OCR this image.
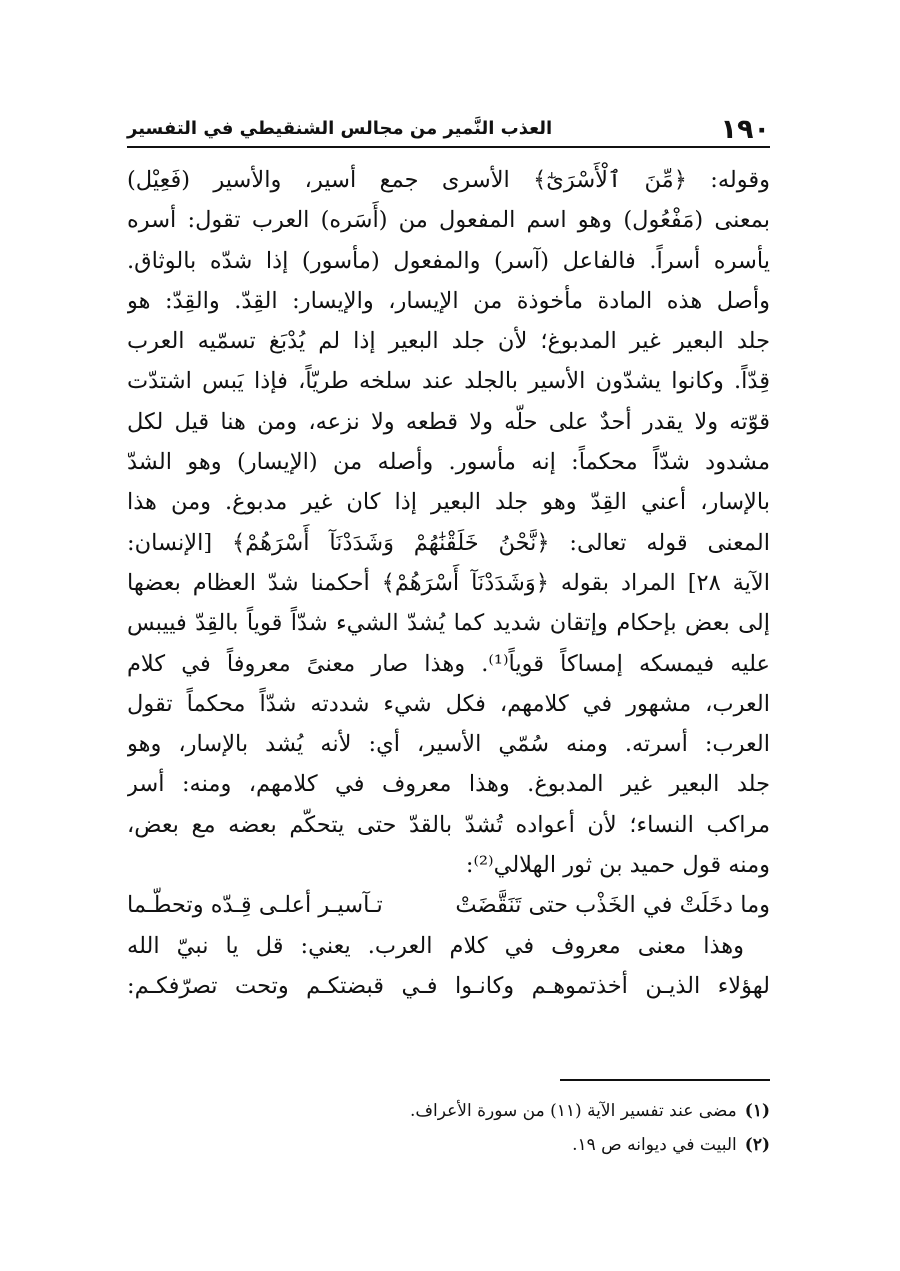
١٩٠
العذب النَّمير من مجالس الشنقيطي في التفسير
وقوله: ﴿مِّنَ ٱلْأَسْرَىٰٓ﴾ الأسرى جمع أسير، والأسير (فَعِيْل)
بمعنى (مَفْعُول) وهو اسم المفعول من (أَسَره) العرب تقول: أسره
يأسره أسراً. فالفاعل (آسر) والمفعول (مأسور) إذا شدّه بالوثاق.
وأصل هذه المادة مأخوذة من الإيسار، والإيسار: القِدّ. والقِدّ: هو
جلد البعير غير المدبوغ؛ لأن جلد البعير إذا لم يُدْبَغ تسمّيه العرب
قِدّاً. وكانوا يشدّون الأسير بالجلد عند سلخه طريّاً، فإذا يَبس اشتدّت
قوّته ولا يقدر أحدٌ على حلّه ولا قطعه ولا نزعه، ومن هنا قيل لكل
مشدود شدّاً محكماً: إنه مأسور. وأصله من (الإيسار) وهو الشدّ
بالإسار، أعني القِدّ وهو جلد البعير إذا كان غير مدبوغ. ومن هذا
المعنى قوله تعالى: ﴿نَّحْنُ خَلَقْنَٰهُمْ وَشَدَدْنَآ أَسْرَهُمْ﴾ [الإنسان:
الآية ٢٨] المراد بقوله ﴿وَشَدَدْنَآ أَسْرَهُمْ﴾ أحكمنا شدّ العظام بعضها
إلى بعض بإحكام وإتقان شديد كما يُشدّ الشيء شدّاً قوياً بالقِدّ فييبس
عليه فيمسكه إمساكاً قوياً⁽¹⁾. وهذا صار معنىً معروفاً في كلام
العرب، مشهور في كلامهم، فكل شيء شددته شدّاً محكماً تقول
العرب: أسرته. ومنه سُمّي الأسير، أي: لأنه يُشد بالإسار، وهو
جلد البعير غير المدبوغ. وهذا معروف في كلامهم، ومنه: أسر
مراكب النساء؛ لأن أعواده تُشدّ بالقدّ حتى يتحكّم بعضه مع بعض،
ومنه قول حميد بن ثور الهلالي⁽²⁾:
وما دخَلَتْ في الخَذْب حتى تَنَقَّضَتْ
تـآسيـر أعلـى قِـدّه وتحطّـما
وهذا معنى معروف في كلام العرب. يعني: قل يا نبيّ الله
لهؤلاء الذيـن أخذتموهـم وكانـوا فـي قبضتكـم وتحت تصرّفكـم:
(١)مضى عند تفسير الآية (١١) من سورة الأعراف.
(٢)البيت في ديوانه ص ١٩.
